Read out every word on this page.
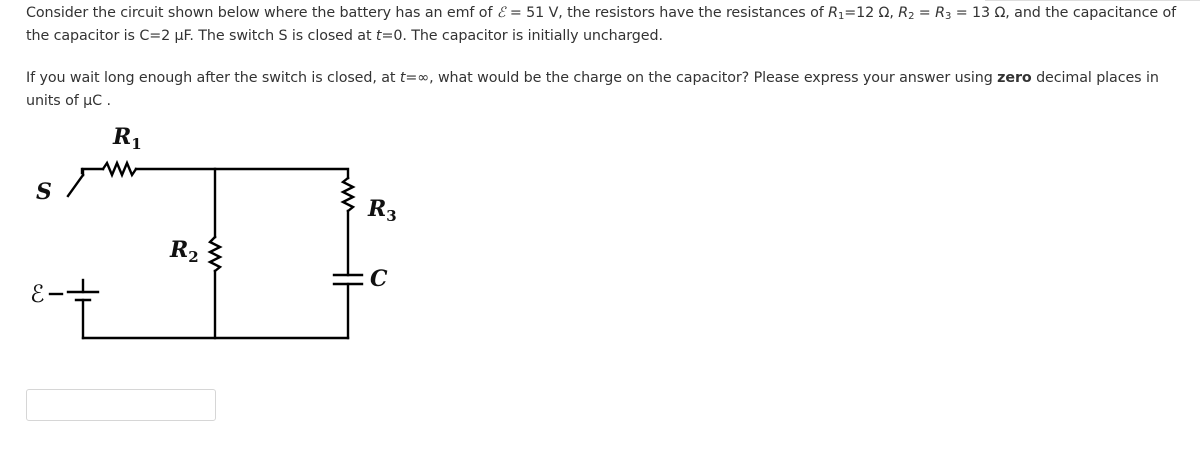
Consider the circuit shown below where the battery has an emf of ℰ = 51 V, the resistors have the resistances of $R_1=12$ Ω, $R_2 = R_3 = 13$ Ω, and the capacitance of the capacitor is C=2 μF. The switch S is closed at t=0. The capacitor is initially uncharged.
If you wait long enough after the switch is closed, at t=∞, what would be the charge on the capacitor? Please express your answer using zero decimal places in units of μC .
$R_1$
S
$R_3$
$R_2$
C
ℰ
